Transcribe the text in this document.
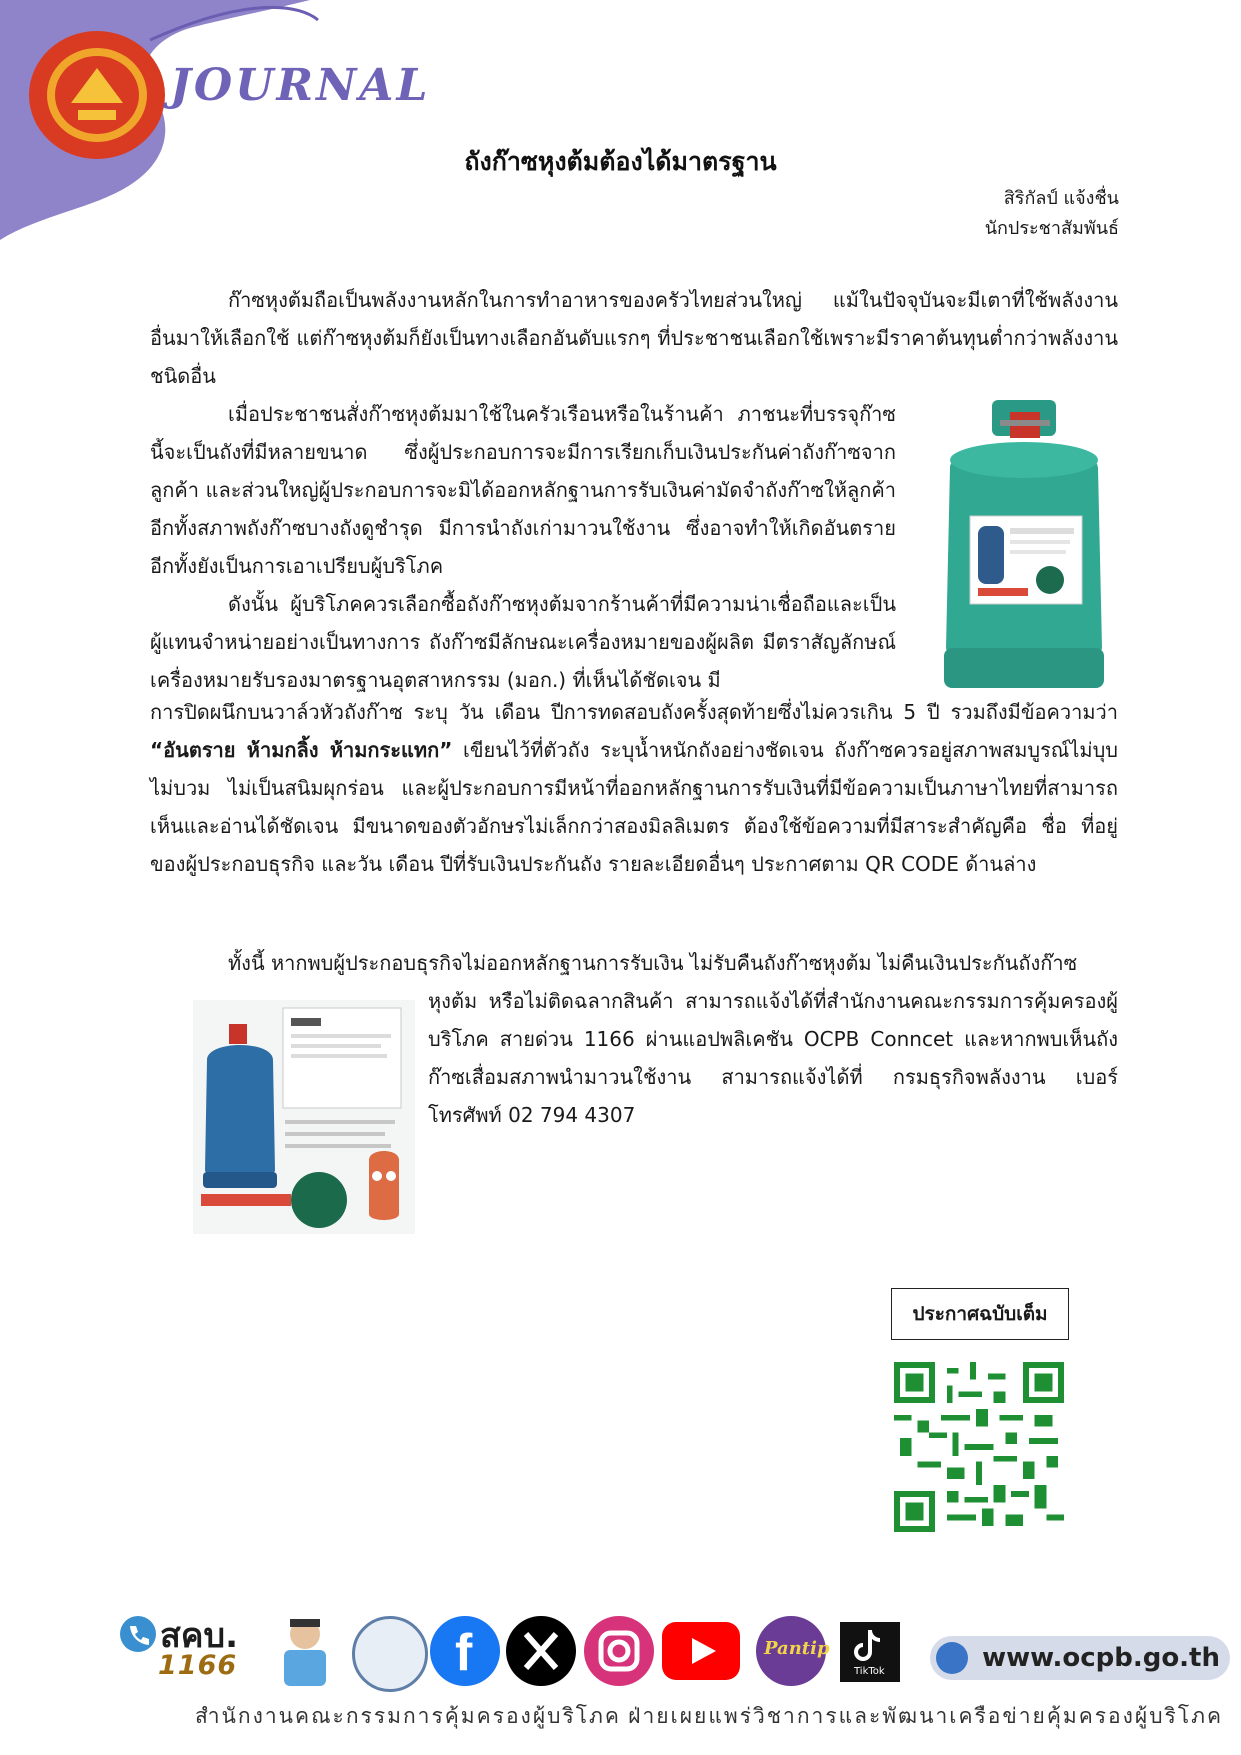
JOURNAL
ถังก๊าซหุงต้มต้องได้มาตรฐาน
สิริกัลป์ แจ้งชื่น
นักประชาสัมพันธ์

ก๊าซหุงต้มถือเป็นพลังงานหลักในการทำอาหารของครัวไทยส่วนใหญ่ แม้ในปัจจุบันจะมีเตาที่ใช้พลังงานอื่นมาให้เลือกใช้ แต่ก๊าซหุงต้มก็ยังเป็นทางเลือกอันดับแรกๆ ที่ประชาชนเลือกใช้เพราะมีราคาต้นทุนต่ำกว่าพลังงานชนิดอื่น

เมื่อประชาชนสั่งก๊าซหุงต้มมาใช้ในครัวเรือนหรือในร้านค้า ภาชนะที่บรรจุก๊าซนี้จะเป็นถังที่มีหลายขนาด ซึ่งผู้ประกอบการจะมีการเรียกเก็บเงินประกันค่าถังก๊าซจากลูกค้า และส่วนใหญ่ผู้ประกอบการจะมิได้ออกหลักฐานการรับเงินค่ามัดจำถังก๊าซให้ลูกค้า อีกทั้งสภาพถังก๊าซบางถังดูชำรุด มีการนำถังเก่ามาวนใช้งาน ซึ่งอาจทำให้เกิดอันตรายอีกทั้งยังเป็นการเอาเปรียบผู้บริโภค

ดังนั้น ผู้บริโภคควรเลือกซื้อถังก๊าซหุงต้มจากร้านค้าที่มีความน่าเชื่อถือและเป็นผู้แทนจำหน่ายอย่างเป็นทางการ ถังก๊าซมีลักษณะเครื่องหมายของผู้ผลิต มีตราสัญลักษณ์ เครื่องหมายรับรองมาตรฐานอุตสาหกรรม (มอก.) ที่เห็นได้ชัดเจน มี

การปิดผนึกบนวาล์วหัวถังก๊าซ ระบุ วัน เดือน ปีการทดสอบถังครั้งสุดท้ายซึ่งไม่ควรเกิน 5 ปี รวมถึงมีข้อความว่า “อันตราย ห้ามกลิ้ง ห้ามกระแทก” เขียนไว้ที่ตัวถัง ระบุน้ำหนักถังอย่างชัดเจน ถังก๊าซควรอยู่สภาพสมบูรณ์ไม่บุบ ไม่บวม ไม่เป็นสนิมผุกร่อน และผู้ประกอบการมีหน้าที่ออกหลักฐานการรับเงินที่มีข้อความเป็นภาษาไทยที่สามารถเห็นและอ่านได้ชัดเจน มีขนาดของตัวอักษรไม่เล็กกว่าสองมิลลิเมตร ต้องใช้ข้อความที่มีสาระสำคัญคือ ชื่อ ที่อยู่ของผู้ประกอบธุรกิจ และวัน เดือน ปีที่รับเงินประกันถัง รายละเอียดอื่นๆ ประกาศตาม QR CODE ด้านล่าง

ทั้งนี้ หากพบผู้ประกอบธุรกิจไม่ออกหลักฐานการรับเงิน ไม่รับคืนถังก๊าซหุงต้ม ไม่คืนเงินประกันถังก๊าซ

หุงต้ม หรือไม่ติดฉลากสินค้า สามารถแจ้งได้ที่สำนักงานคณะกรรมการคุ้มครองผู้บริโภค สายด่วน 1166 ผ่านแอปพลิเคชัน OCPB Conncet และหากพบเห็นถังก๊าซเสื่อมสภาพนำมาวนใช้งาน สามารถแจ้งได้ที่ กรมธุรกิจพลังงาน เบอร์โทรศัพท์ 02 794 4307

ประกาศฉบับเต็ม
สคบ.
1166	f	Pantip
TikTok	www.ocpb.go.th
สำนักงานคณะกรรมการคุ้มครองผู้บริโภค ฝ่ายเผยแพร่วิชาการและพัฒนาเครือข่ายคุ้มครองผู้บริโภค
